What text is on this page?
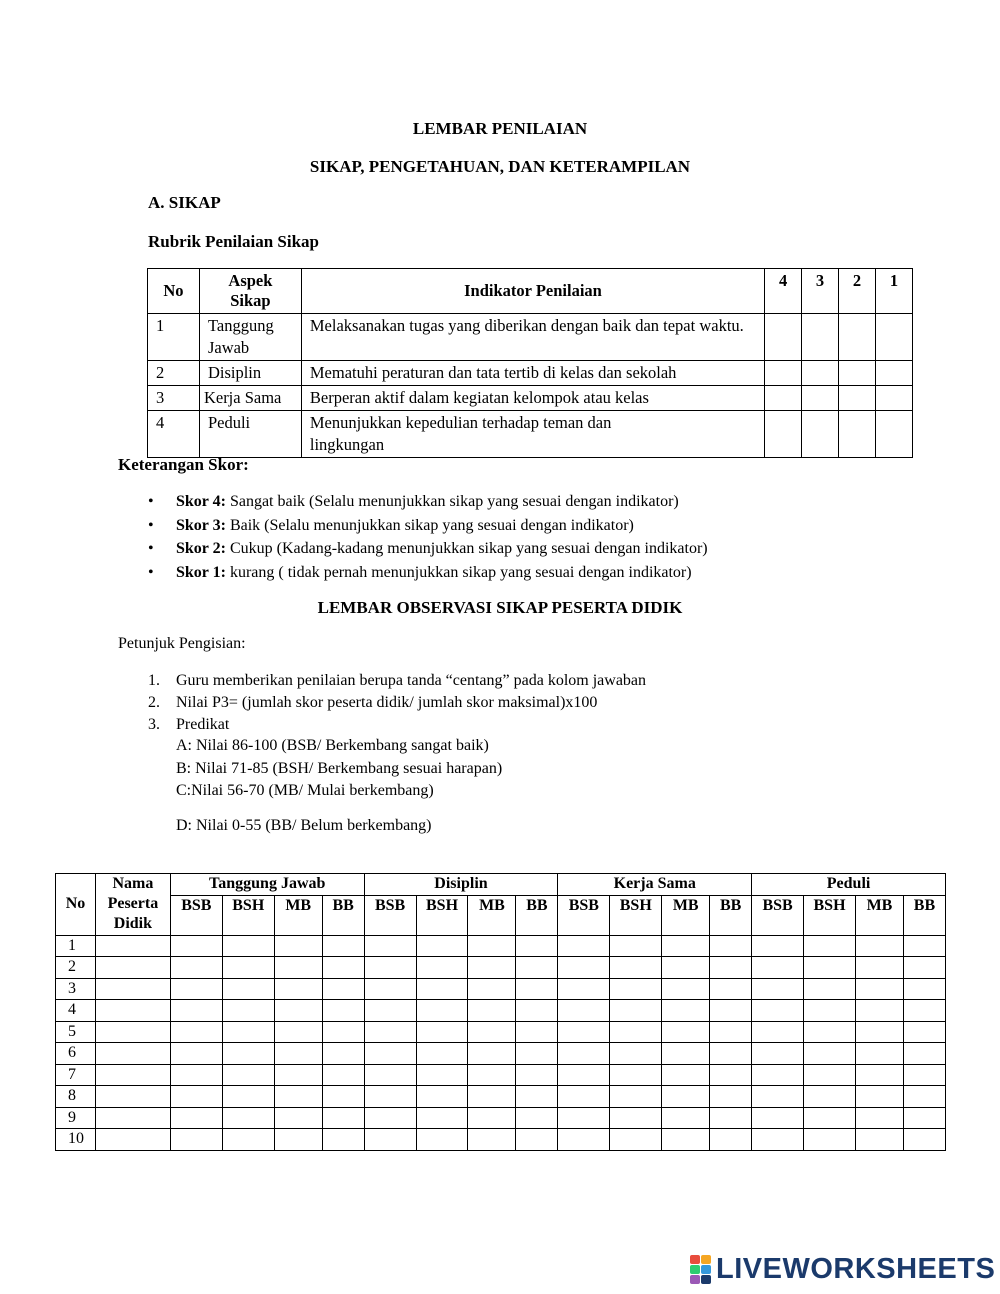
LEMBAR PENILAIAN
SIKAP, PENGETAHUAN, DAN KETERAMPILAN
A. SIKAP
Rubrik Penilaian Sikap
No	Aspek Sikap	Indikator Penilaian	4	3	2	1
1	Tanggung Jawab	Melaksanakan tugas yang diberikan dengan baik dan tepat waktu.				
2	Disiplin	Mematuhi peraturan dan tata tertib di kelas dan sekolah				
3	Kerja Sama	Berperan aktif dalam kegiatan kelompok atau kelas				
4	Peduli	Menunjukkan kepedulian terhadap teman dan lingkungan				
Keterangan Skor:
• Skor 4: Sangat baik (Selalu menunjukkan sikap yang sesuai dengan indikator)
• Skor 3: Baik (Selalu menunjukkan sikap yang sesuai dengan indikator)
• Skor 2: Cukup (Kadang-kadang menunjukkan sikap yang sesuai dengan indikator)
• Skor 1: kurang ( tidak pernah menunjukkan sikap yang sesuai dengan indikator)
LEMBAR OBSERVASI SIKAP PESERTA DIDIK
Petunjuk Pengisian:
1. Guru memberikan penilaian berupa tanda “centang” pada kolom jawaban
2. Nilai P3= (jumlah skor peserta didik/ jumlah skor maksimal)x100
3. Predikat
A: Nilai 86-100 (BSB/ Berkembang sangat baik)
B: Nilai 71-85 (BSH/ Berkembang sesuai harapan)
C:Nilai 56-70 (MB/ Mulai berkembang)
D: Nilai 0-55 (BB/ Belum berkembang)
No	Nama Peserta Didik	Tanggung Jawab				Disiplin				Kerja Sama				Peduli			
		BSB	BSH	MB	BB	BSB	BSH	MB	BB	BSB	BSH	MB	BB	BSB	BSH	MB	BB
1																	
2																	
3																	
4																	
5																	
6																	
7																	
8																	
9																	
10																	
LIVEWORKSHEETS
